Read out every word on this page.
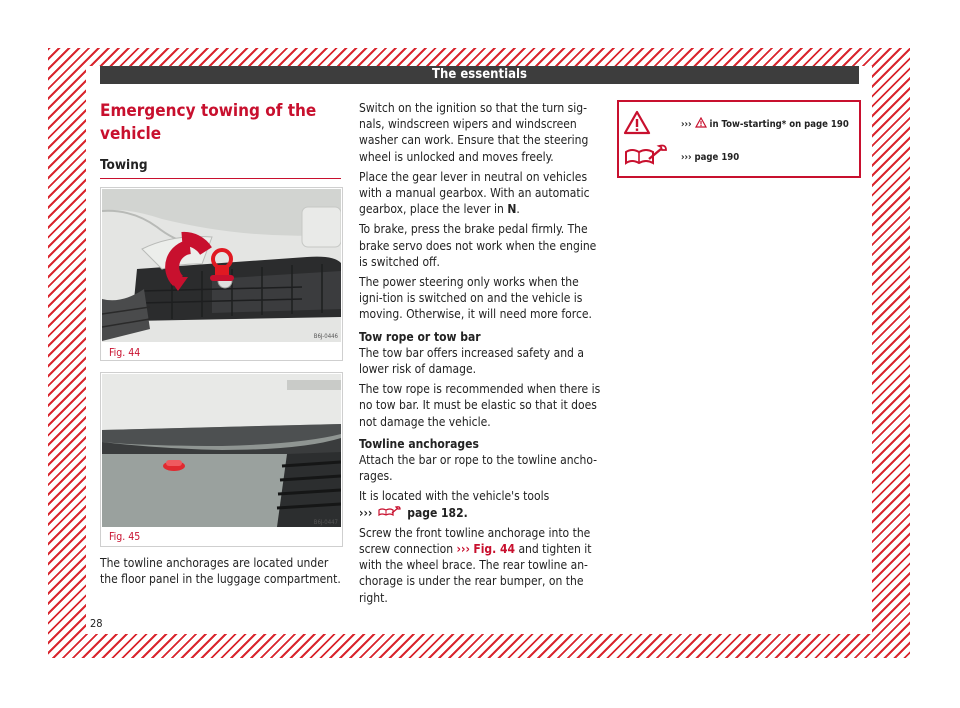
The essentials
Emergency towing of the vehicle
Towing
B6J-0446
Fig. 44
B6J-0447
Fig. 45
The towline anchorages are located under the floor panel in the luggage compartment.

Switch on the ignition so that the turn sig-nals, windscreen wipers and windscreen washer can work. Ensure that the steering wheel is unlocked and moves freely.

Place the gear lever in neutral on vehicles with a manual gearbox. With an automatic gearbox, place the lever in N.

To brake, press the brake pedal firmly. The brake servo does not work when the engine is switched off.

The power steering only works when the igni-tion is switched on and the vehicle is moving. Otherwise, it will need more force.

Tow rope or tow bar

The tow bar offers increased safety and a lower risk of damage.

The tow rope is recommended when there is no tow bar. It must be elastic so that it does not damage the vehicle.

Towline anchorages

Attach the bar or rope to the towline ancho-rages.

It is located with the vehicle's tools

›››	page 182.

Screw the front towline anchorage into the screw connection ››› Fig. 44 and tighten it with the wheel brace. The rear towline an-chorage is under the rear bumper, on the right.

››› in Tow-starting* on page 190
››› page 190
28
